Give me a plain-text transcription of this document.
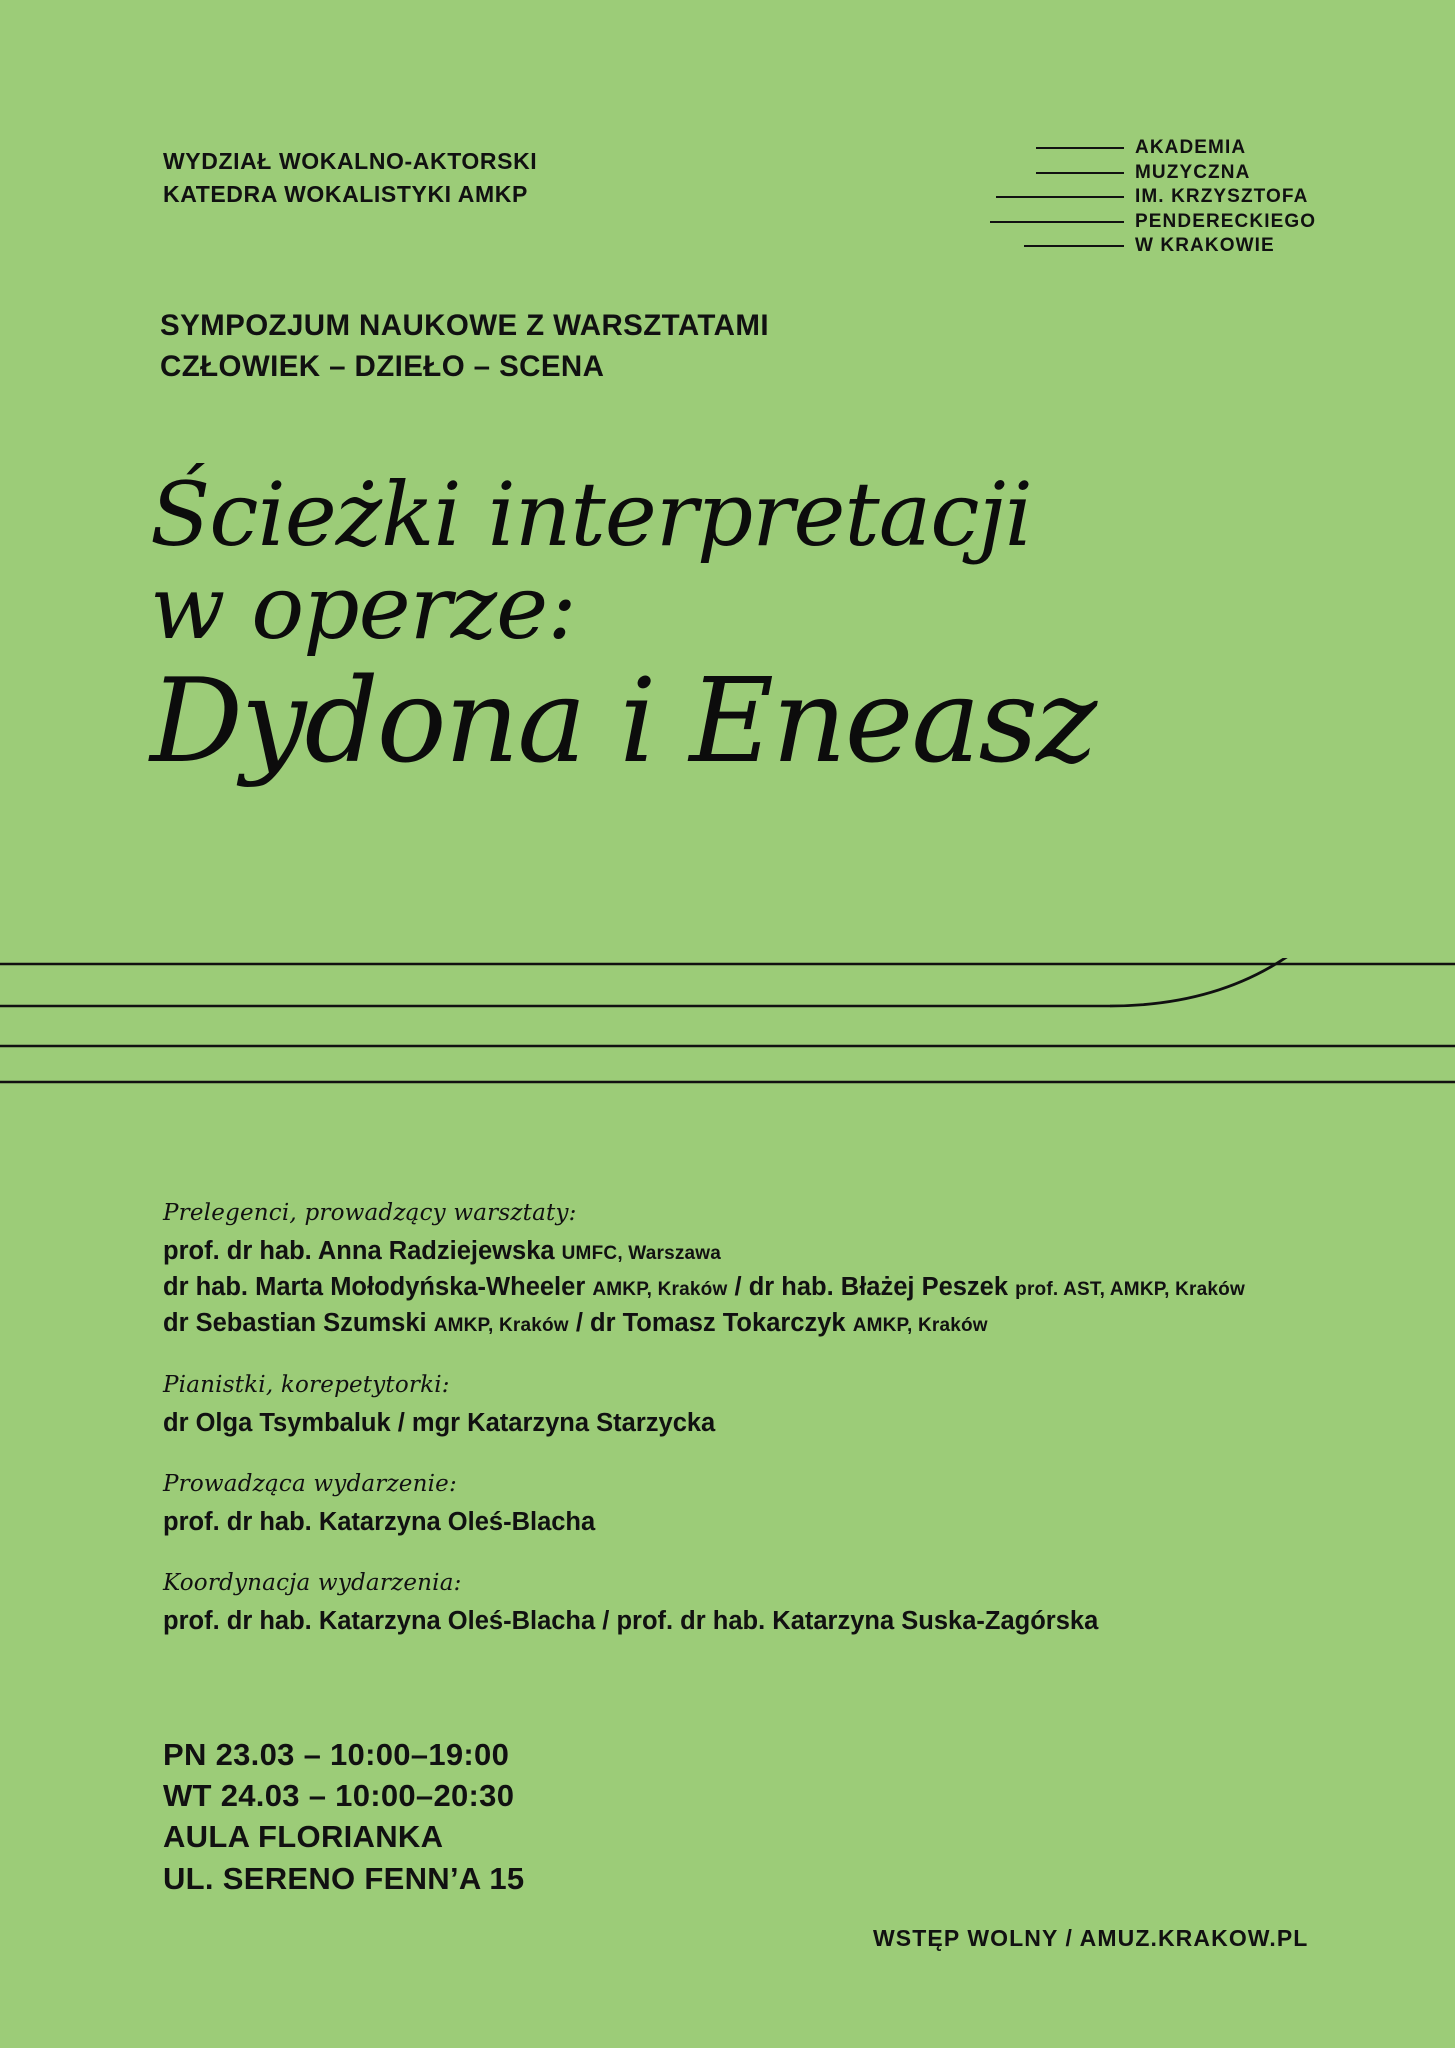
WYDZIAŁ WOKALNO-AKTORSKI
KATEDRA WOKALISTYKI AMKP
AKADEMIA
MUZYCZNA
IM. KRZYSZTOFA
PENDERECKIEGO
W KRAKOWIE
SYMPOZJUM NAUKOWE Z WARSZTATAMI
CZŁOWIEK – DZIEŁO – SCENA
Ścieżki interpretacji
w operze:
Dydona i Eneasz
Prelegenci, prowadzący warsztaty:
prof. dr hab. Anna Radziejewska UMFC, Warszawa
dr hab. Marta Mołodyńska-Wheeler AMKP, Kraków / dr hab. Błażej Peszek prof. AST, AMKP, Kraków
dr Sebastian Szumski AMKP, Kraków / dr Tomasz Tokarczyk AMKP, Kraków
Pianistki, korepetytorki:
dr Olga Tsymbaluk / mgr Katarzyna Starzycka
Prowadząca wydarzenie:
prof. dr hab. Katarzyna Oleś-Blacha
Koordynacja wydarzenia:
prof. dr hab. Katarzyna Oleś-Blacha / prof. dr hab. Katarzyna Suska-Zagórska
PN 23.03 – 10:00–19:00
WT 24.03 – 10:00–20:30
AULA FLORIANKA
UL. SERENO FENN’A 15
WSTĘP WOLNY / AMUZ.KRAKOW.PL
